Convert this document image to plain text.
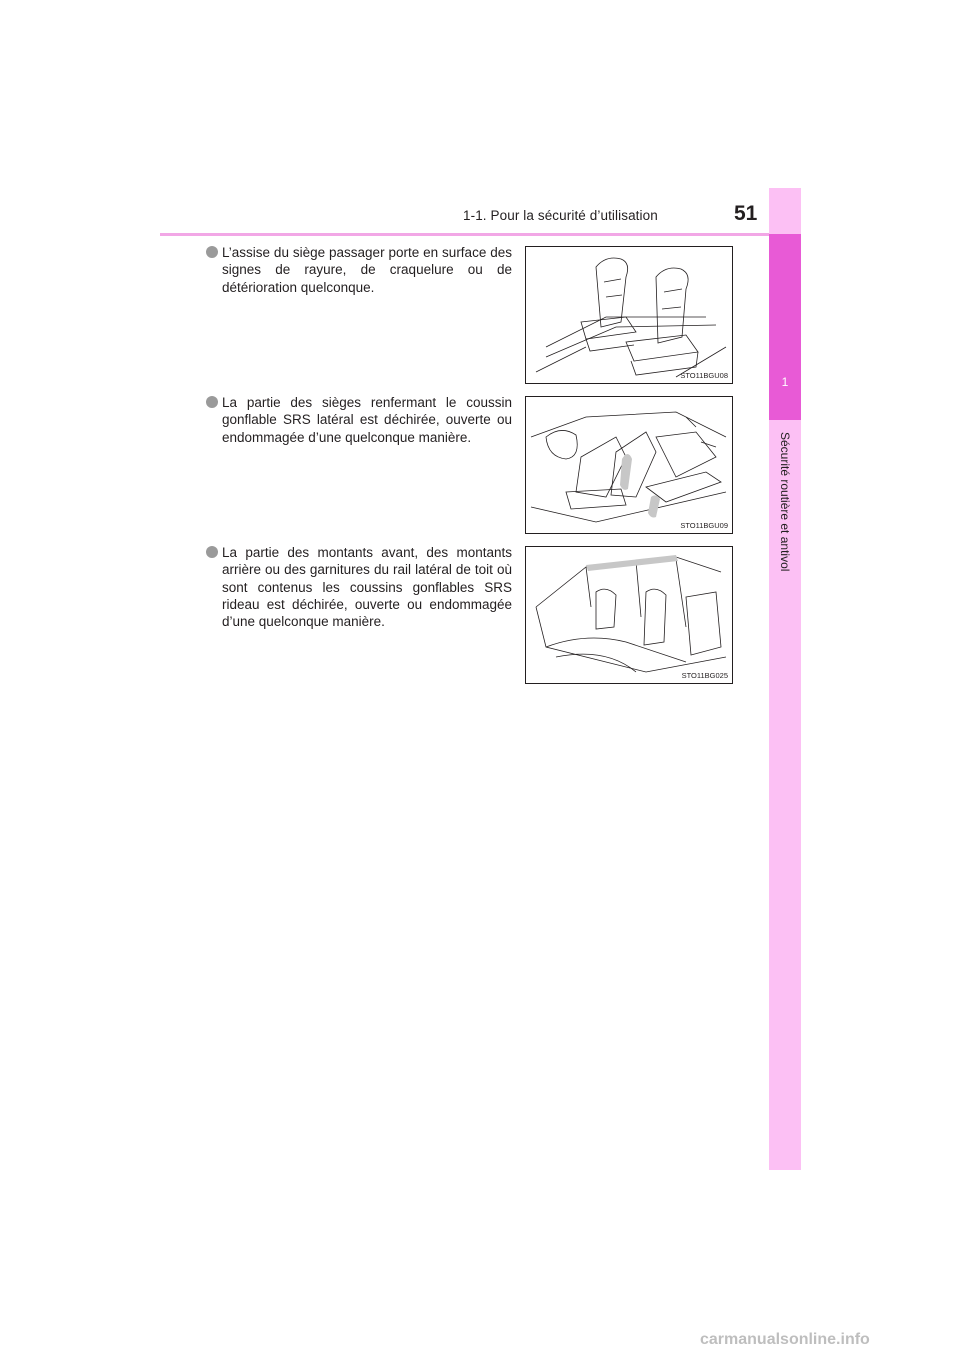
1-1. Pour la sécurité d’utilisation	51
1
Sécurité routière et antivol
L’assise du siège passager porte en surface des signes de rayure, de craquelure ou de détérioration quelconque.
STO11BGU08
La partie des sièges renfermant le coussin gonflable SRS latéral est déchirée, ouverte ou endommagée d’une quelconque manière.
STO11BGU09
La partie des montants avant, des montants arrière ou des garnitures du rail latéral de toit où sont contenus les coussins gonflables SRS rideau est déchirée, ouverte ou endommagée d’une quelconque manière.
STO11BG025
carmanualsonline.info
